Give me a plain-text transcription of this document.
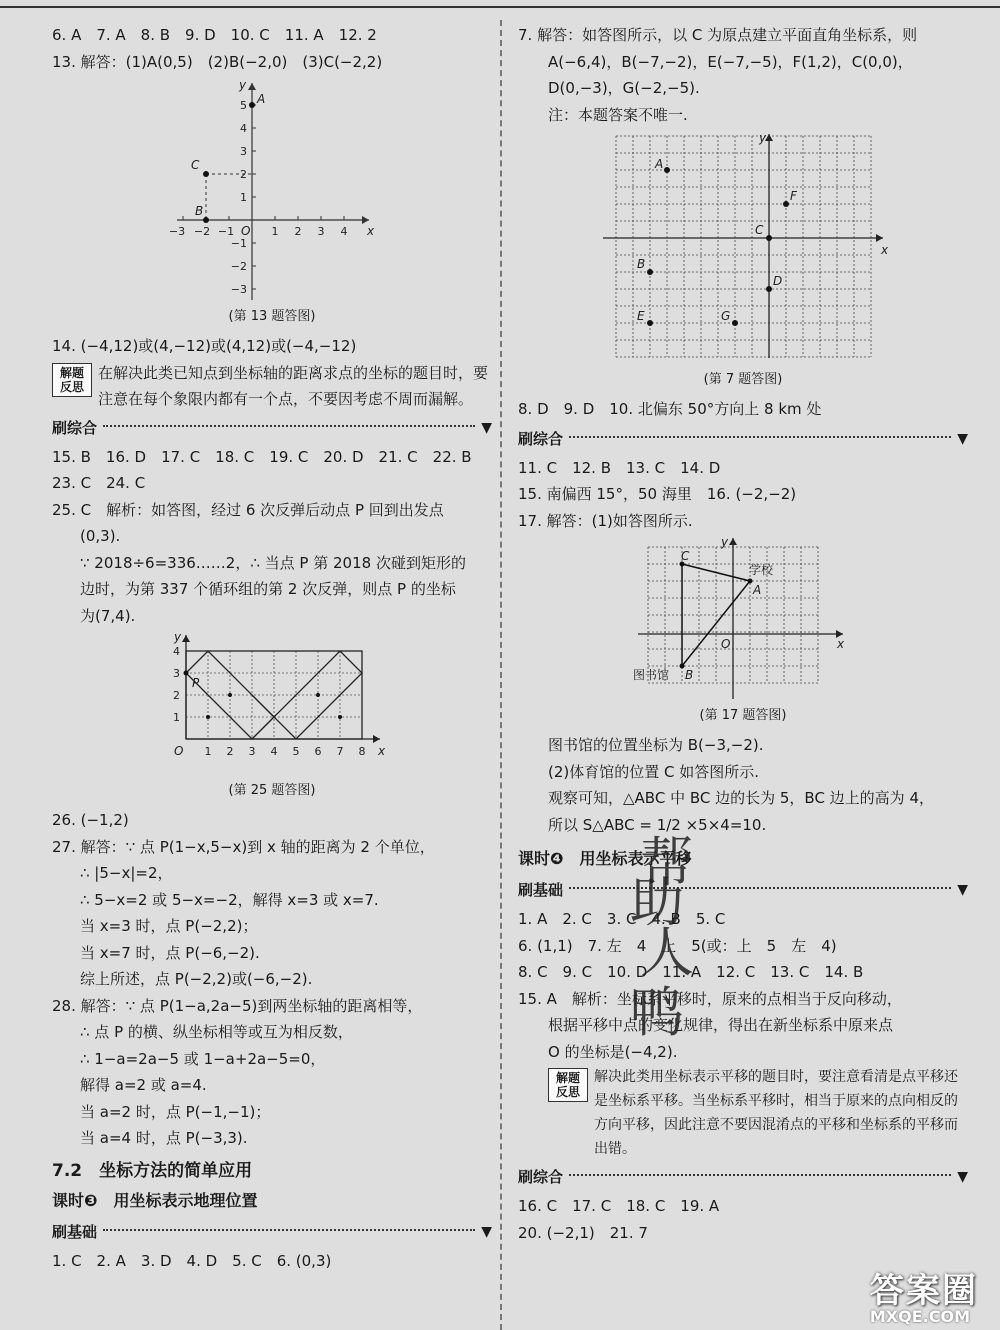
6. A　7. A　8. B　9. D　10. C　11. A　12. 2
13. 解答：(1)A(0,5)　(2)B(−2,0)　(3)C(−2,2)
y
x
A
B
C
O
−3 −2 −1	1 2 3 4
5
4
3
2
1
−1
−2
−3
(第 13 题答图)
14. (−4,12)或(4,−12)或(4,12)或(−4,−12)
解题反思
在解决此类已知点到坐标轴的距离求点的坐标的题目时，要注意在每个象限内都有一个点，不要因考虑不周而漏解。
刷综合	▼
15. B　16. D　17. C　18. C　19. C　20. D　21. C　22. B
23. C　24. C
25. C　解析：如答图，经过 6 次反弹后动点 P 回到出发点
(0,3).
∵ 2018÷6=336……2，∴ 当点 P 第 2018 次碰到矩形的
边时，为第 337 个循环组的第 2 次反弹，则点 P 的坐标
为(7,4).
y
x
P
O 1 2 3 4 5 6 7 8
1
2
3
4
(第 25 题答图)
26. (−1,2)
27. 解答：∵ 点 P(1−x,5−x)到 x 轴的距离为 2 个单位，
∴ |5−x|=2，
∴ 5−x=2 或 5−x=−2，解得 x=3 或 x=7.
当 x=3 时，点 P(−2,2)；
当 x=7 时，点 P(−6,−2).
综上所述，点 P(−2,2)或(−6,−2).
28. 解答：∵ 点 P(1−a,2a−5)到两坐标轴的距离相等，
∴ 点 P 的横、纵坐标相等或互为相反数，
∴ 1−a=2a−5 或 1−a+2a−5=0，
解得 a=2 或 a=4.
当 a=2 时，点 P(−1,−1)；
当 a=4 时，点 P(−3,3).
7.2　坐标方法的简单应用
课时❸　用坐标表示地理位置
刷基础	▼
1. C　2. A　3. D　4. D　5. C　6. (0,3)
7. 解答：如答图所示，以 C 为原点建立平面直角坐标系，则
A(−6,4)，B(−7,−2)，E(−7,−5)，F(1,2)，C(0,0)，
D(0,−3)，G(−2,−5).
注：本题答案不唯一.
y
x
A
B
C
D
E
F
G
(第 7 题答图)
8. D　9. D　10. 北偏东 50°方向上 8 km 处
刷综合	▼
11. C　12. B　13. C　14. D
15. 南偏西 15°，50 海里　16. (−2,−2)
17. 解答：(1)如答图所示.
y
x
C
A
B
O
学校
图书馆
(第 17 题答图)
图书馆的位置坐标为 B(−3,−2).
(2)体育馆的位置 C 如答图所示.
观察可知，△ABC 中 BC 边的长为 5，BC 边上的高为 4，
所以 S△ABC = 1/2 ×5×4=10.
课时❹　用坐标表示平移
刷基础	▼
1. A　2. C　3. C　4. B　5. C
6. (1,1)　7. 左　4　上　5(或：上　5　左　4)
8. C　9. C　10. D　11. A　12. C　13. C　14. B
15. A　解析：坐标系平移时，原来的点相当于反向移动，
根据平移中点的变化规律，得出在新坐标系中原来点
O 的坐标是(−4,2).
解题反思
解决此类用坐标表示平移的题目时，要注意看清是点平移还是坐标系平移。当坐标系平移时，相当于原来的点向相反的方向平移，因此注意不要因混淆点的平移和坐标系的平移而出错。
刷综合	▼
16. C　17. C　18. C　19. A
20. (−2,1)　21. 7
帮
助
人
鸭
答案圈
MXQE.COM
